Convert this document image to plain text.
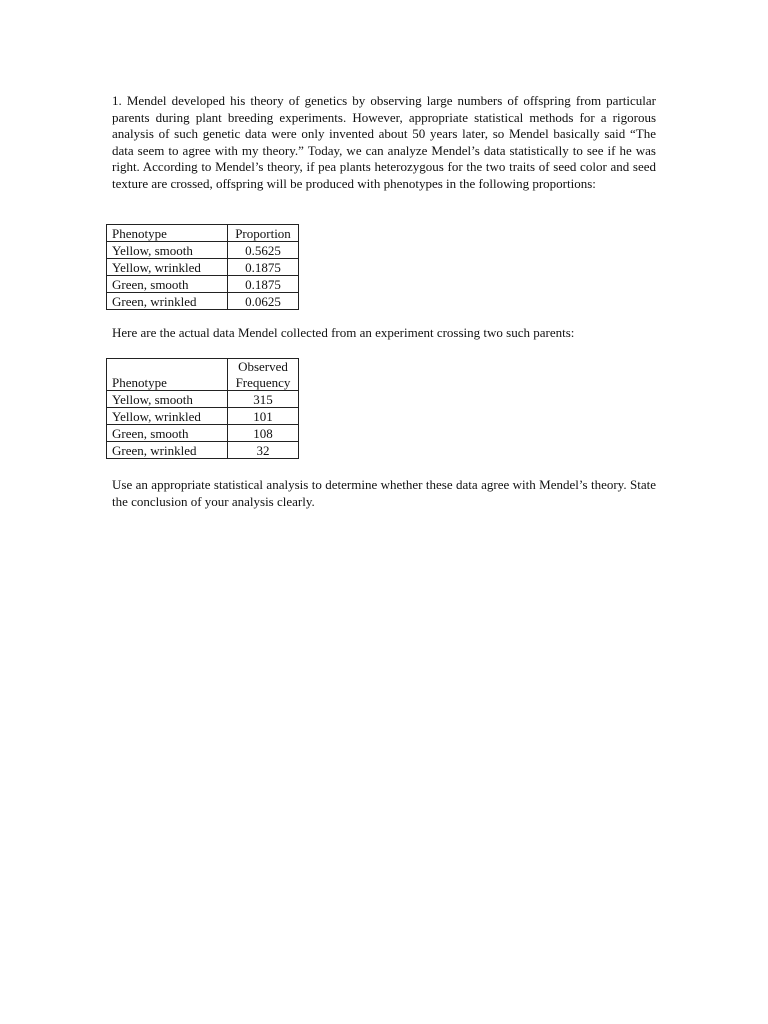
1. Mendel developed his theory of genetics by observing large numbers of offspring from particular parents during plant breeding experiments. However, appropriate statistical methods for a rigorous analysis of such genetic data were only invented about 50 years later, so Mendel basically said “The data seem to agree with my theory.” Today, we can analyze Mendel’s data statistically to see if he was right. According to Mendel’s theory, if pea plants heterozygous for the two traits of seed color and seed texture are crossed, offspring will be produced with phenotypes in the following proportions:

Phenotype	Proportion
Yellow, smooth	0.5625
Yellow, wrinkled	0.1875
Green, smooth	0.1875
Green, wrinkled	0.0625

Here are the actual data Mendel collected from an experiment crossing two such parents:

Phenotype	Observed
Frequency

Yellow, smooth	315
Yellow, wrinkled	101
Green, smooth	108
Green, wrinkled	32

Use an appropriate statistical analysis to determine whether these data agree with Mendel’s theory. State the conclusion of your analysis clearly.
